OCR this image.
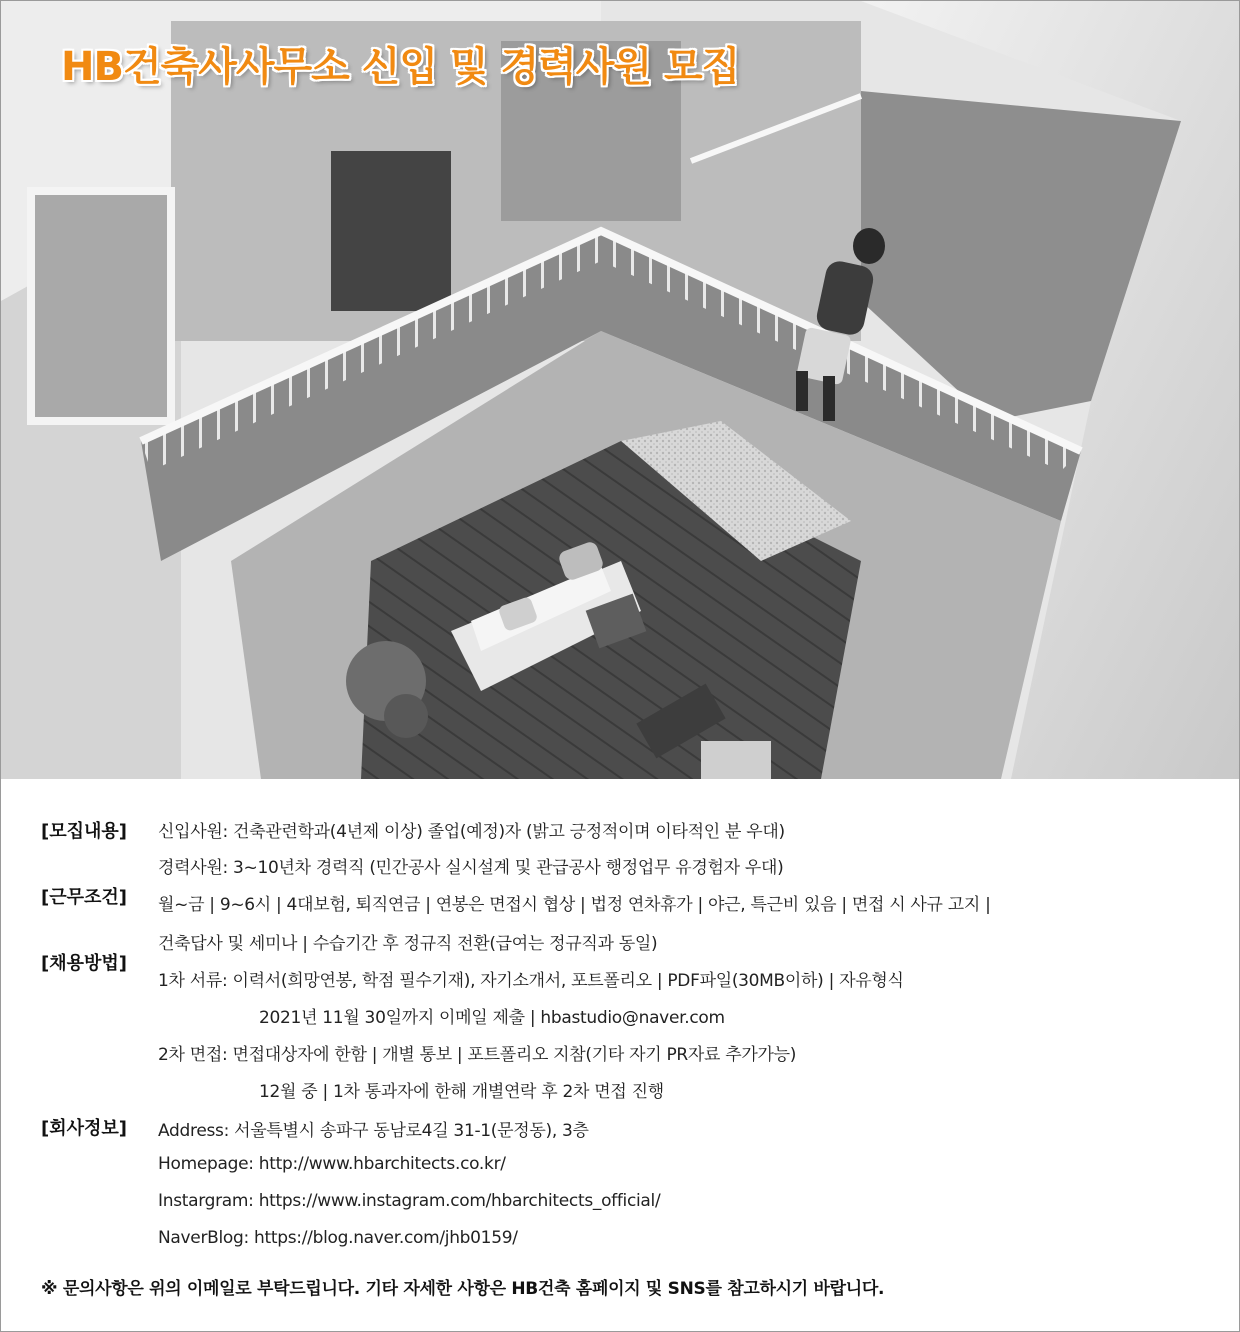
HB건축사사무소 신입 및 경력사원 모집
[모집내용] 신입사원: 건축관련학과(4년제 이상) 졸업(예정)자 (밝고 긍정적이며 이타적인 분 우대)
경력사원: 3~10년차 경력직 (민간공사 실시설계 및 관급공사 행정업무 유경험자 우대)
[근무조건] 월~금 | 9~6시 | 4대보험, 퇴직연금 | 연봉은 면접시 협상 | 법정 연차휴가 | 야근, 특근비 있음 | 면접 시 사규 고지 |
건축답사 및 세미나 | 수습기간 후 정규직 전환(급여는 정규직과 동일)
[채용방법]
1차 서류: 이력서(희망연봉, 학점 필수기재), 자기소개서, 포트폴리오 | PDF파일(30MB이하) | 자유형식
2021년 11월 30일까지 이메일 제출 | hbastudio@naver.com
2차 면접: 면접대상자에 한함 | 개별 통보 | 포트폴리오 지참(기타 자기 PR자료 추가가능)
12월 중 | 1차 통과자에 한해 개별연락 후 2차 면접 진행
[회사정보] Address: 서울특별시 송파구 동남로4길 31-1(문정동), 3층
Homepage: http://www.hbarchitects.co.kr/
Instargram: https://www.instagram.com/hbarchitects_official/
NaverBlog: https://blog.naver.com/jhb0159/
※ 문의사항은 위의 이메일로 부탁드립니다. 기타 자세한 사항은 HB건축 홈페이지 및 SNS를 참고하시기 바랍니다.
